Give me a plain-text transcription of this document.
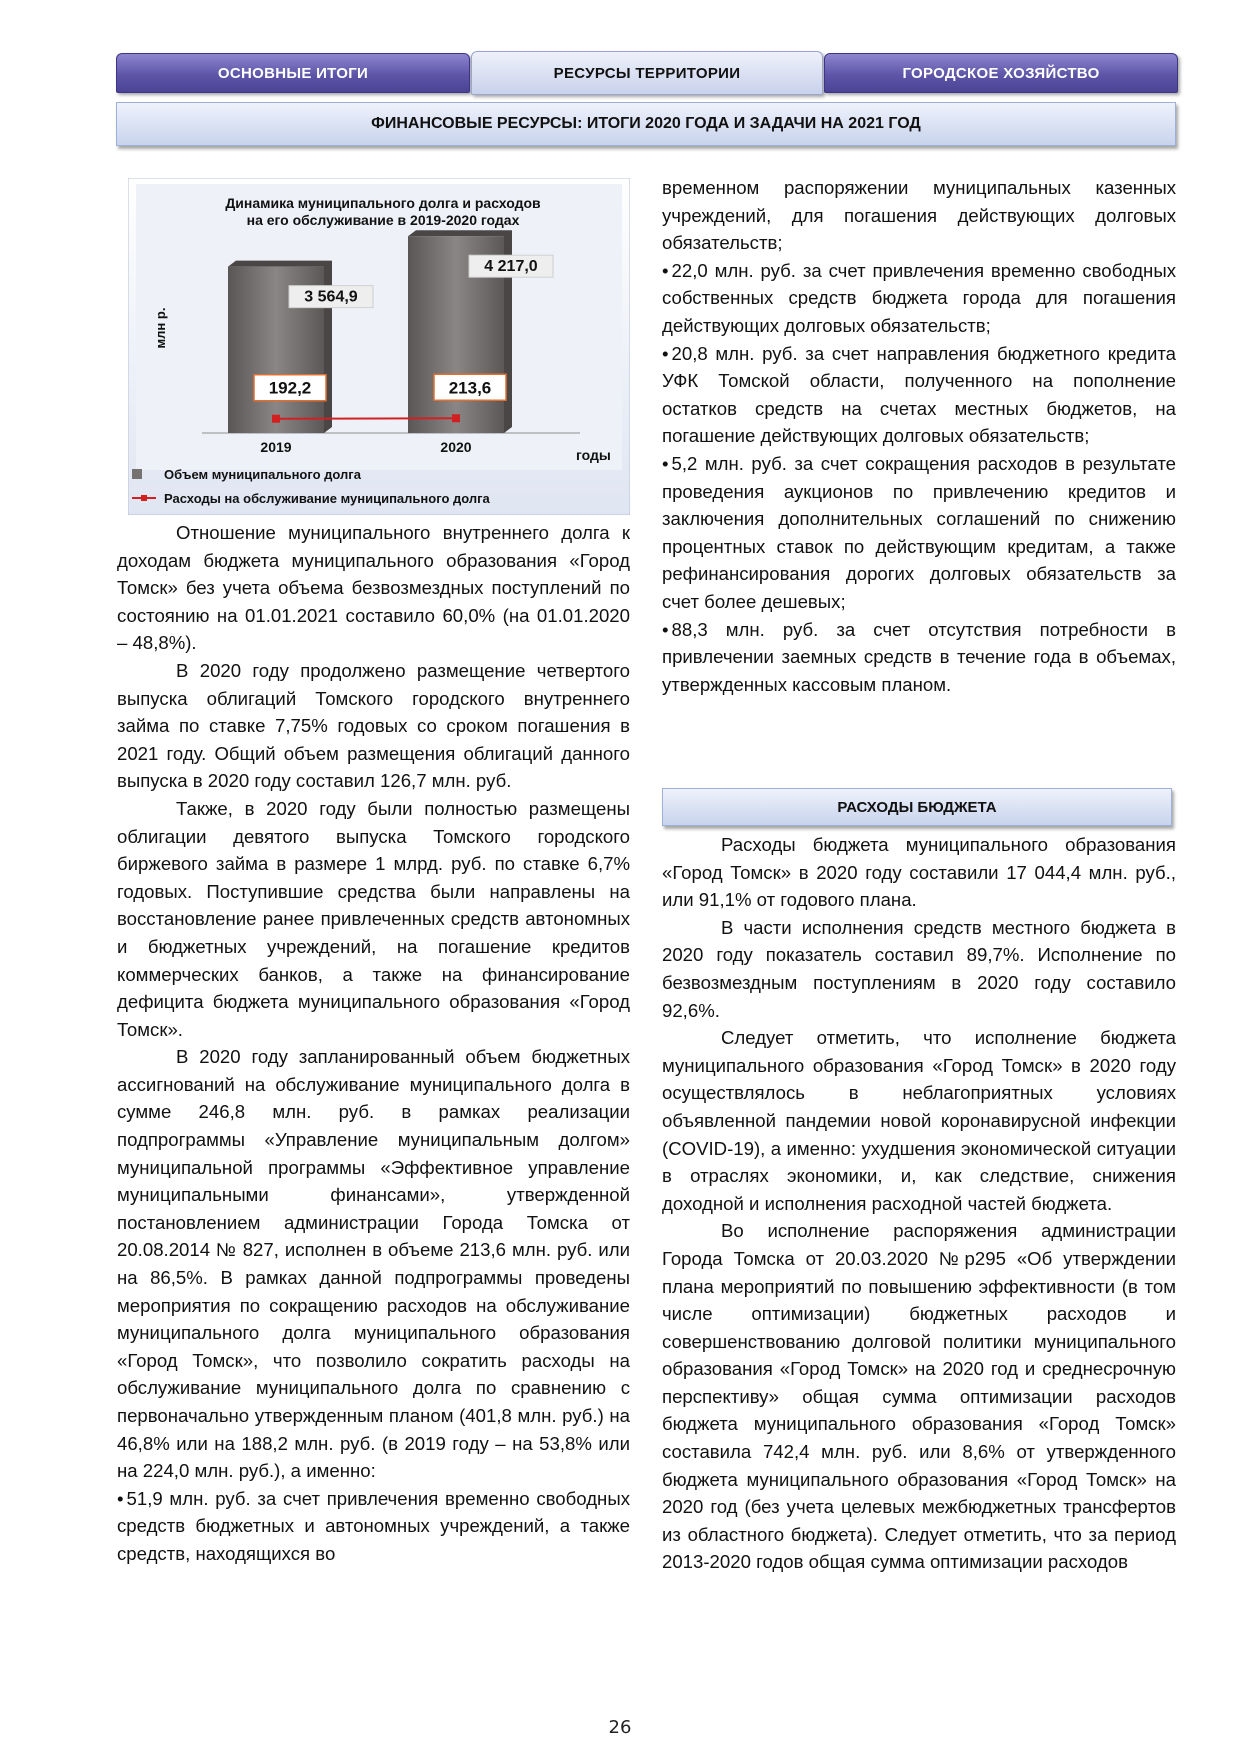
ОСНОВНЫЕ ИТОГИ	РЕСУРСЫ ТЕРРИТОРИИ	ГОРОДСКОЕ ХОЗЯЙСТВО
ФИНАНСОВЫЕ РЕСУРСЫ: ИТОГИ 2020 ГОДА И ЗАДАЧИ НА 2021 ГОД
Динамика муниципального долга и расходов
на его обслуживание в 2019-2020 годах
млн р.
3 564,9
2019
4 217,0
2020
192,2	213,6
годы
Объем муниципального долга
Расходы на обслуживание муниципального долга

Отношение муниципального внутреннего долга к доходам бюджета муниципального образования «Город Томск» без учета объема безвозмездных поступлений по состоянию на 01.01.2021 составило 60,0% (на 01.01.2020 – 48,8%).

В 2020 году продолжено размещение четвертого выпуска облигаций Томского городского внутреннего займа по ставке 7,75% годовых со сроком погашения в 2021 году. Общий объем размещения облигаций данного выпуска в 2020 году составил 126,7 млн. руб.

Также, в 2020 году были полностью размещены облигации девятого выпуска Томского городского биржевого займа в размере 1 млрд. руб. по ставке 6,7% годовых. Поступившие средства были направлены на восстановление ранее привлеченных средств автономных и бюджетных учреждений, на погашение кредитов коммерческих банков, а также на финансирование дефицита бюджета муниципального образования «Город Томск».

В 2020 году запланированный объем бюджетных ассигнований на обслуживание муниципального долга в сумме 246,8 млн. руб. в рамках реализации подпрограммы «Управление муниципальным долгом» муниципальной программы «Эффективное управление муниципальными финансами», утвержденной постановлением администрации Города Томска от 20.08.2014 № 827, исполнен в объеме 213,6 млн. руб. или на 86,5%. В рамках данной подпрограммы проведены мероприятия по сокращению расходов на обслуживание муниципального долга муниципального образования «Город Томск», что позволило сократить расходы на обслуживание муниципального долга по сравнению с первоначально утвержденным планом (401,8 млн. руб.) на 46,8% или на 188,2 млн. руб. (в 2019 году – на 53,8% или на 224,0 млн. руб.), а именно:

• 51,9 млн. руб. за счет привлечения временно свободных средств бюджетных и автономных учреждений, а также средств, находящихся во

временном распоряжении муниципальных казенных учреждений, для погашения действующих долговых обязательств;

• 22,0 млн. руб. за счет привлечения временно свободных собственных средств бюджета города для погашения действующих долговых обязательств;

• 20,8 млн. руб. за счет направления бюджетного кредита УФК Томской области, полученного на пополнение остатков средств на счетах местных бюджетов, на погашение действующих долговых обязательств;

• 5,2 млн. руб. за счет сокращения расходов в результате проведения аукционов по привлечению кредитов и заключения дополнительных соглашений по снижению процентных ставок по действующим кредитам, а также рефинансирования дорогих долговых обязательств за счет более дешевых;

• 88,3 млн. руб. за счет отсутствия потребности в привлечении заемных средств в течение года в объемах, утвержденных кассовым планом.

РАСХОДЫ БЮДЖЕТА

Расходы бюджета муниципального образования «Город Томск» в 2020 году составили 17 044,4 млн. руб., или 91,1% от годового плана.

В части исполнения средств местного бюджета в 2020 году показатель составил 89,7%. Исполнение по безвозмездным поступлениям в 2020 году составило 92,6%.

Следует отметить, что исполнение бюджета муниципального образования «Город Томск» в 2020 году осуществлялось в неблагоприятных условиях объявленной пандемии новой коронавирусной инфекции (COVID-19), а именно: ухудшения экономической ситуации в отраслях экономики, и, как следствие, снижения доходной и исполнения расходной частей бюджета.

Во исполнение распоряжения администрации Города Томска от 20.03.2020 №р295 «Об утверждении плана мероприятий по повышению эффективности (в том числе оптимизации) бюджетных расходов и совершенствованию долговой политики муниципального образования «Город Томск» на 2020 год и среднесрочную перспективу» общая сумма оптимизации расходов бюджета муниципального образования «Город Томск» составила 742,4 млн. руб. или 8,6% от утвержденного бюджета муниципального образования «Город Томск» на 2020 год (без учета целевых межбюджетных трансфертов из областного бюджета). Следует отметить, что за период 2013-2020 годов общая сумма оптимизации расходов

26
